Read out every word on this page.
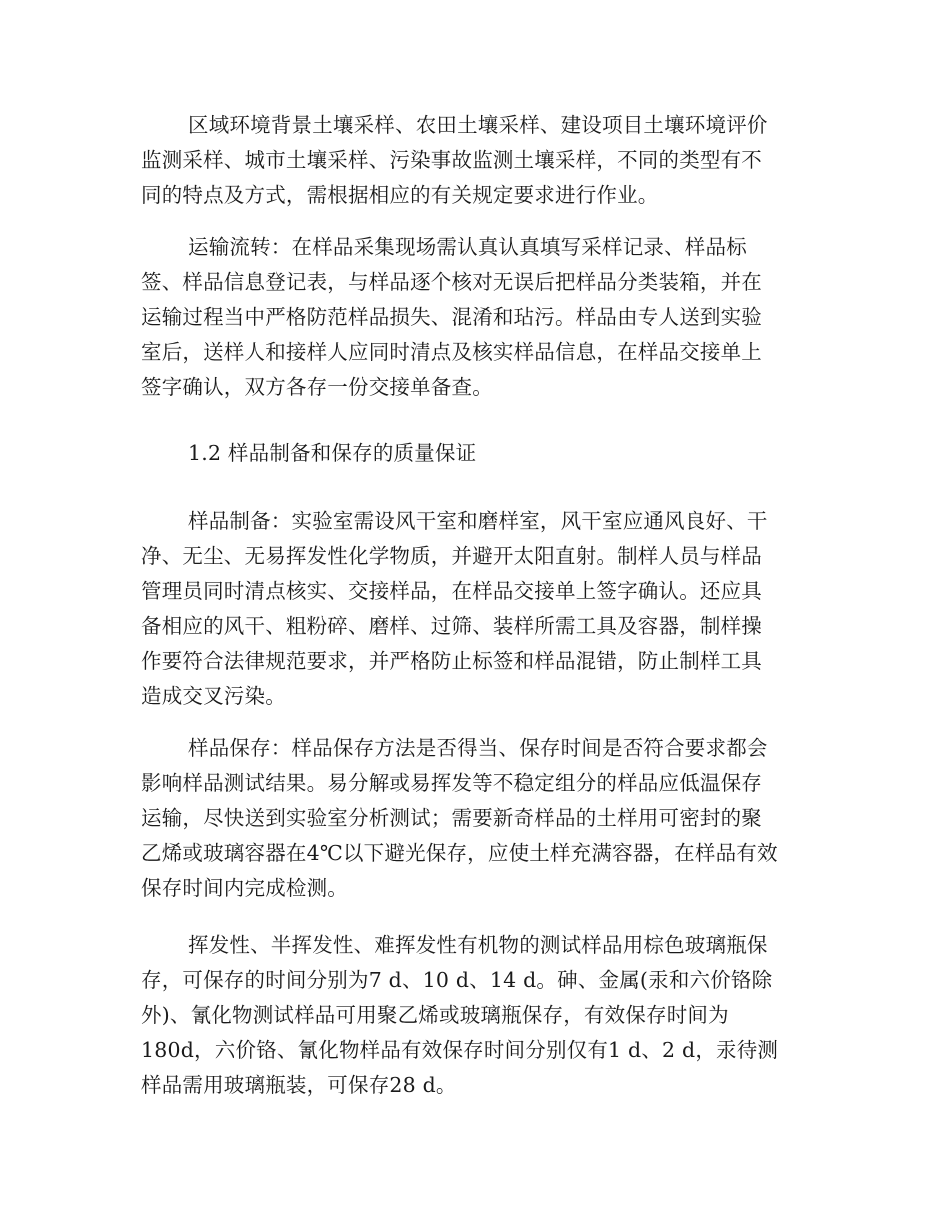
区域环境背景土壤采样、农田土壤采样、建设项目土壤环境评价
监测采样、城市土壤采样、污染事故监测土壤采样，不同的类型有不
同的特点及方式，需根据相应的有关规定要求进行作业。
运输流转：在样品采集现场需认真认真填写采样记录、样品标
签、样品信息登记表，与样品逐个核对无误后把样品分类装箱，并在
运输过程当中严格防范样品损失、混淆和玷污。样品由专人送到实验
室后，送样人和接样人应同时清点及核实样品信息，在样品交接单上
签字确认，双方各存一份交接单备查。
1.2 样品制备和保存的质量保证
样品制备：实验室需设风干室和磨样室，风干室应通风良好、干
净、无尘、无易挥发性化学物质，并避开太阳直射。制样人员与样品
管理员同时清点核实、交接样品，在样品交接单上签字确认。还应具
备相应的风干、粗粉碎、磨样、过筛、装样所需工具及容器，制样操
作要符合法律规范要求，并严格防止标签和样品混错，防止制样工具
造成交叉污染。
样品保存：样品保存方法是否得当、保存时间是否符合要求都会
影响样品测试结果。易分解或易挥发等不稳定组分的样品应低温保存
运输，尽快送到实验室分析测试；需要新奇样品的土样用可密封的聚
乙烯或玻璃容器在4℃以下避光保存，应使土样充满容器，在样品有效
保存时间内完成检测。
挥发性、半挥发性、难挥发性有机物的测试样品用棕色玻璃瓶保
存，可保存的时间分别为7 d、10 d、14 d。砷、金属(汞和六价铬除
外)、氰化物测试样品可用聚乙烯或玻璃瓶保存，有效保存时间为
180d，六价铬、氰化物样品有效保存时间分别仅有1 d、2 d，汞待测
样品需用玻璃瓶装，可保存28 d。
